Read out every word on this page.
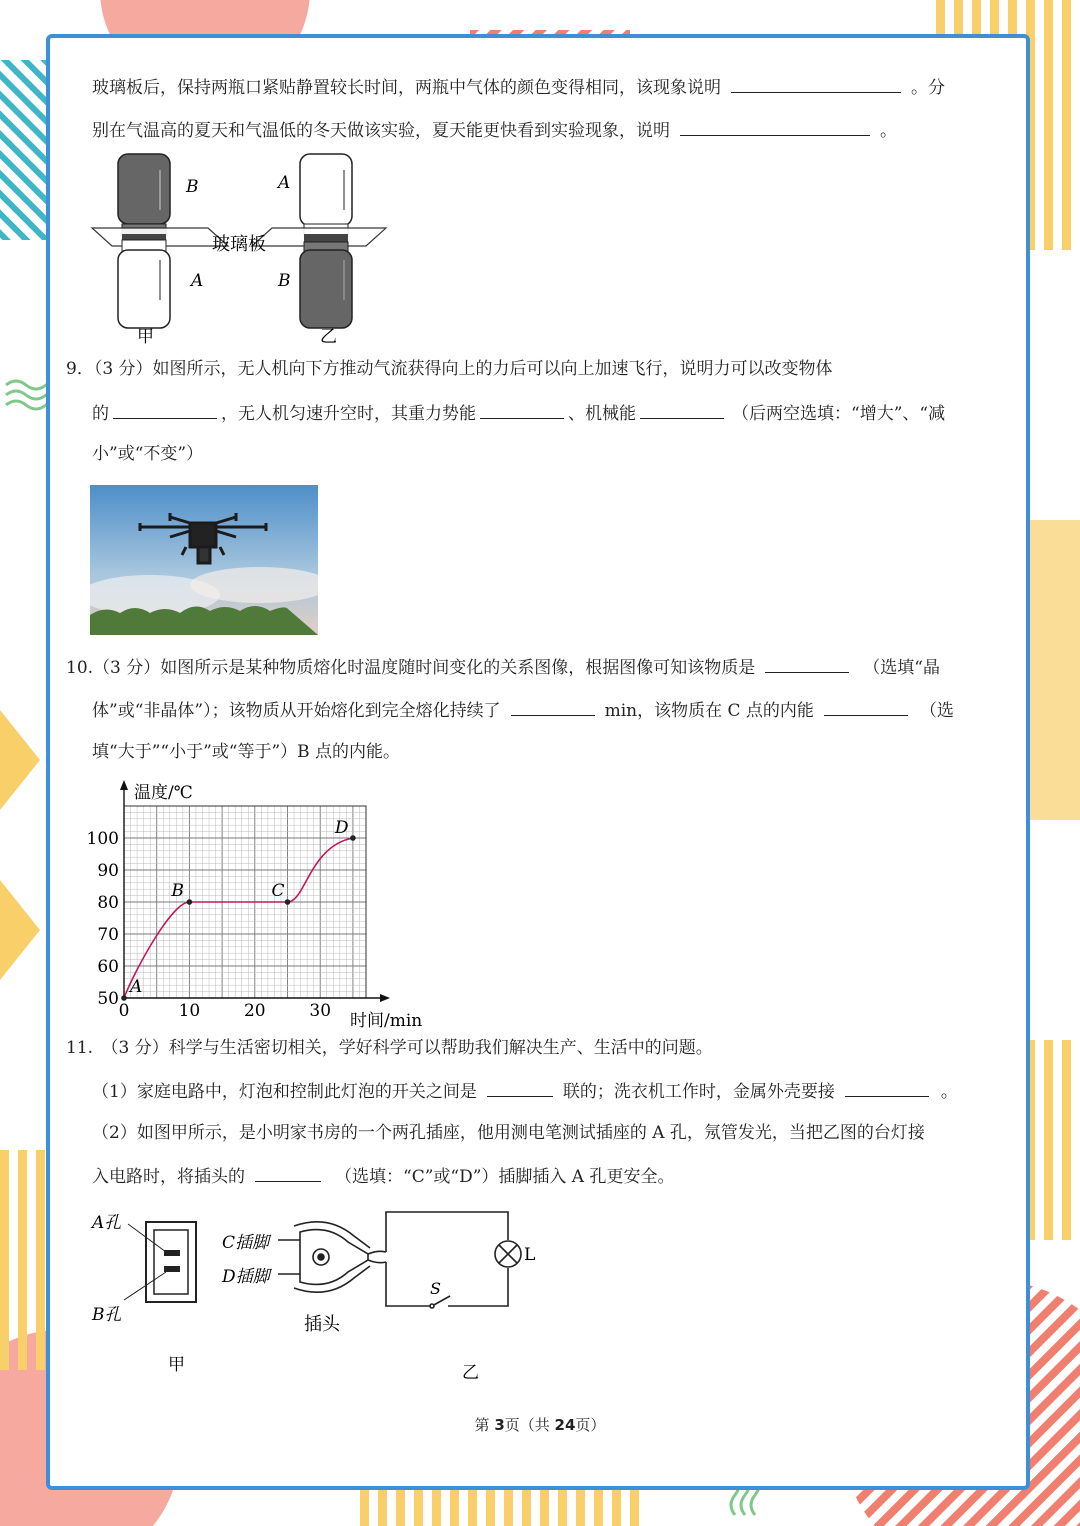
玻璃板后，保持两瓶口紧贴静置较长时间，两瓶中气体的颜色变得相同，该现象说明	。分
别在气温高的夏天和气温低的冬天做该实验，夏天能更快看到实验现象，说明	。
B
A
A
B
玻璃板
甲	乙
9．（3 分）如图所示，无人机向下方推动气流获得向上的力后可以向上加速飞行，说明力可以改变物体
的	，无人机匀速升空时，其重力势能	、机械能	（后两空选填：“增大”、“减
小”或“不变”）
10.（3 分）如图所示是某种物质熔化时温度随时间变化的关系图像，根据图像可知该物质是	（选填“晶
体”或“非晶体”）；该物质从开始熔化到完全熔化持续了	min，该物质在 C 点的内能	（选
填“大于”“小于”或“等于”）B 点的内能。
50
60
70
80
90
100
0	10	20	30
温度/℃
时间/min
A
B	C
D
11.　（3 分）科学与生活密切相关，学好科学可以帮助我们解决生产、生活中的问题。
（1）家庭电路中，灯泡和控制此灯泡的开关之间是	联的；洗衣机工作时，金属外壳要接	。
（2）如图甲所示，是小明家书房的一个两孔插座，他用测电笔测试插座的 A 孔，氖管发光，当把乙图的台灯接
入电路时，将插头的	（选填：“C”或“D”）插脚插入 A 孔更安全。
A孔
B孔
甲
C插脚
D插脚
插头
L
S
乙
第 3页（共 24页）
